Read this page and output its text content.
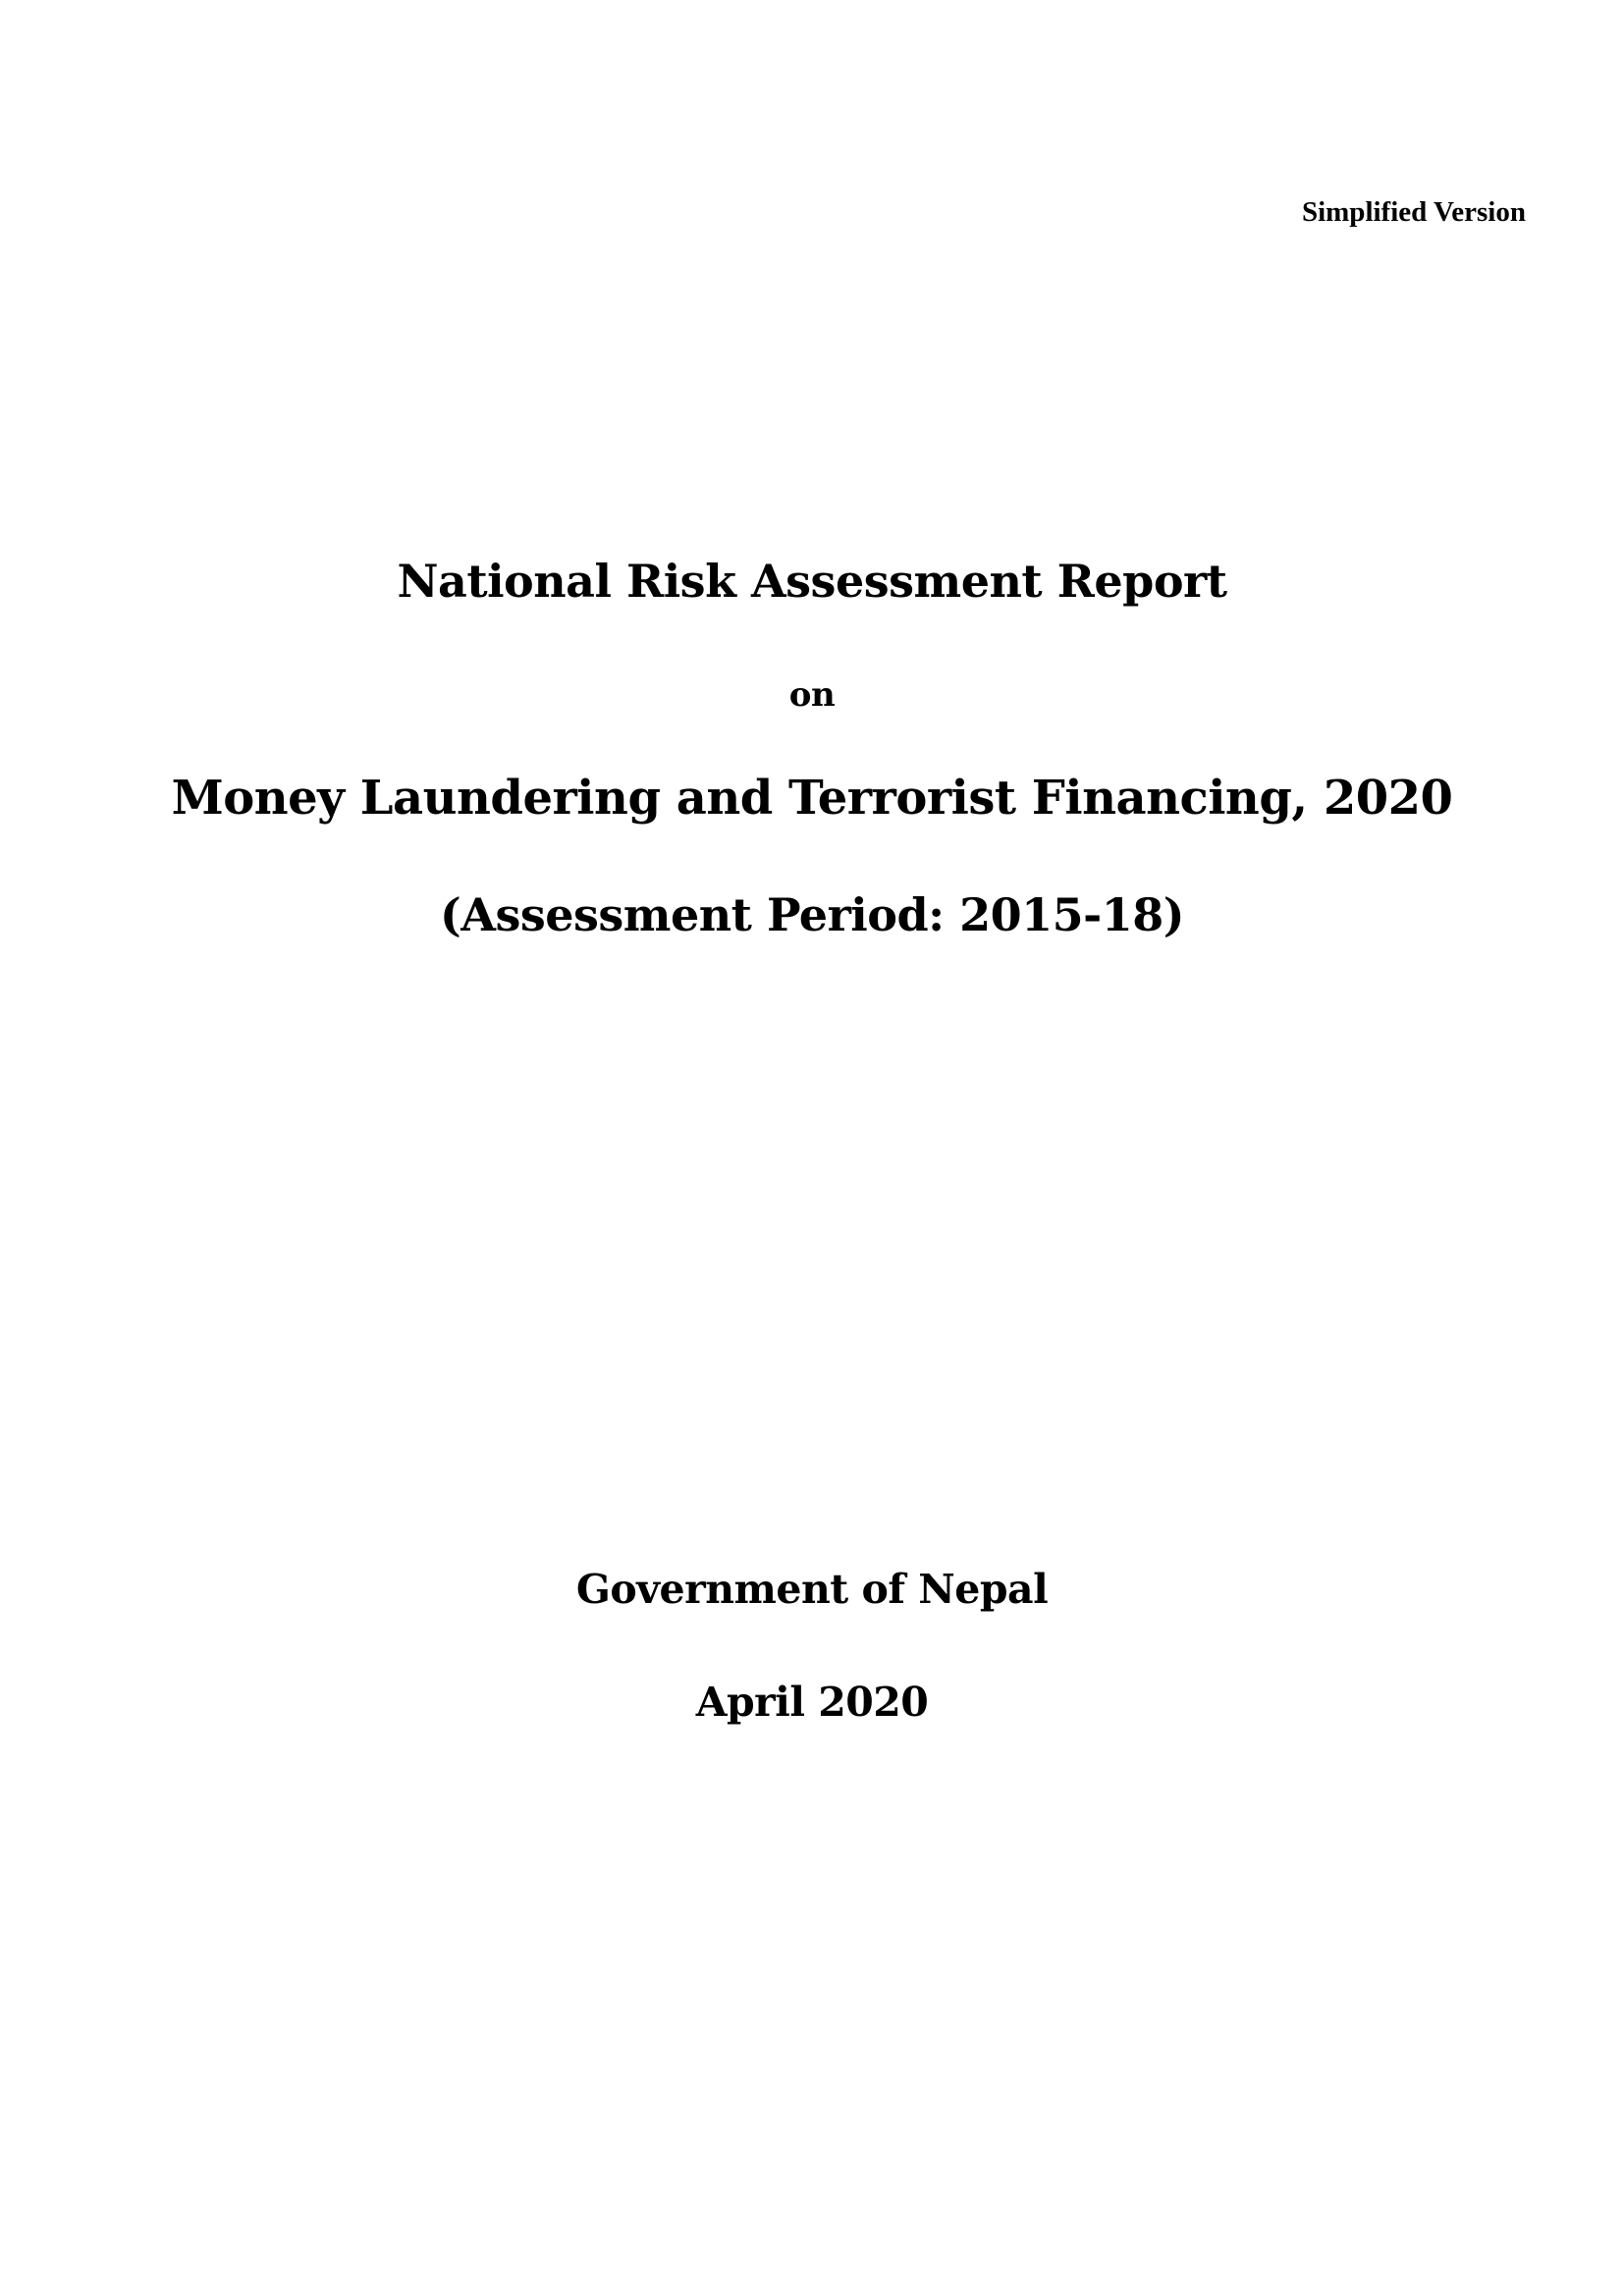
Simplified Version
National Risk Assessment Report
on
Money Laundering and Terrorist Financing, 2020
(Assessment Period: 2015-18)
Government of Nepal
April 2020
